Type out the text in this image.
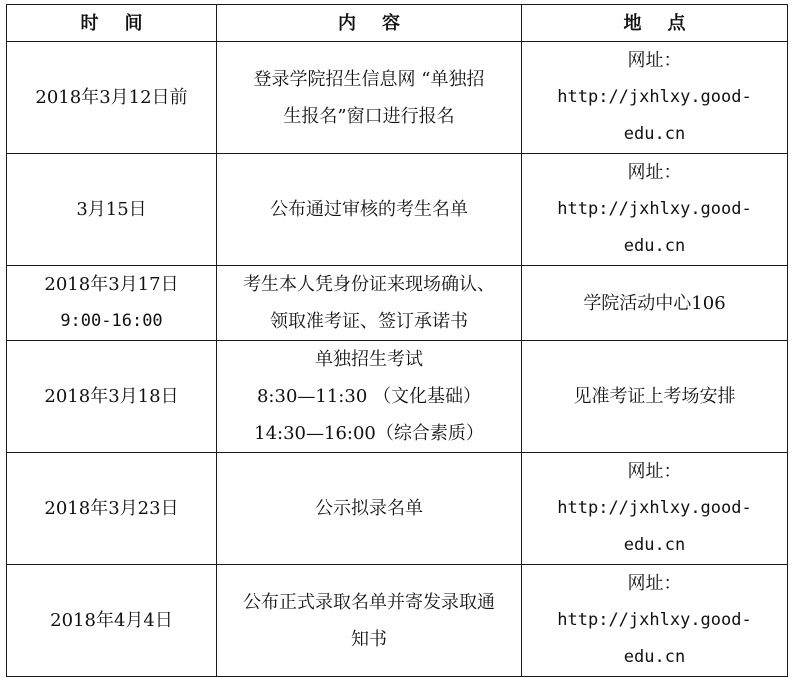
时 间	内 容	地 点

2018年3月12日前	登录学院招生信息网 “单独招
生报名”窗口进行报名	网址：
http://jxhlxy.good-
edu.cn

3月15日	公布通过审核的考生名单	网址：
http://jxhlxy.good-
edu.cn

2018年3月17日
9:00-16:00	考生本人凭身份证来现场确认、
领取准考证、签订承诺书	学院活动中心106

2018年3月18日	单独招生考试
8:30—11:30 （文化基础）
14:30—16:00（综合素质）	见准考证上考场安排

2018年3月23日	公示拟录名单	网址：
http://jxhlxy.good-
edu.cn

2018年4月4日	公布正式录取名单并寄发录取通
知书	网址：
http://jxhlxy.good-
edu.cn
